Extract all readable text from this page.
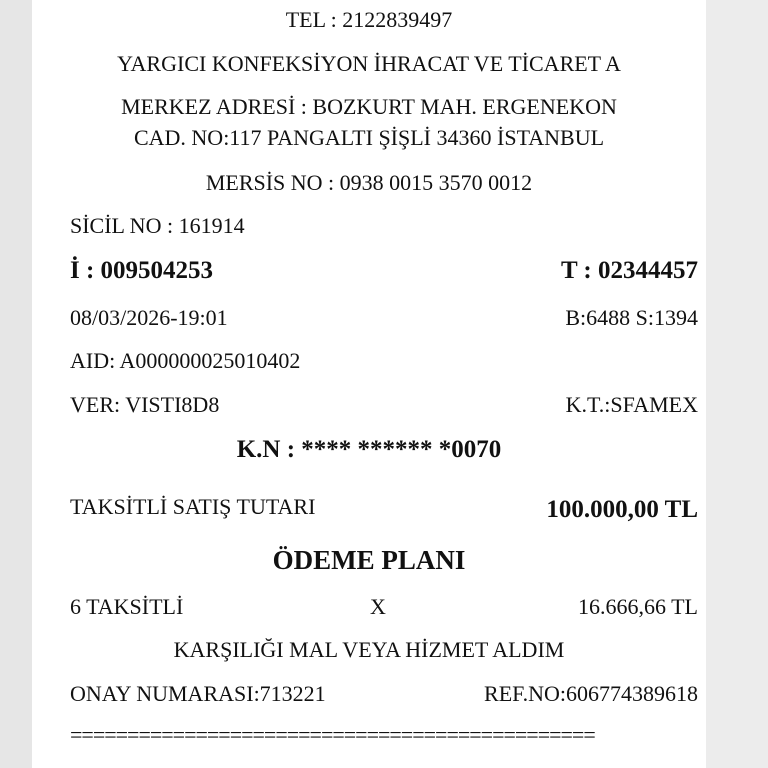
TEL : 2122839497
YARGICI KONFEKSİYON İHRACAT VE TİCARET A
MERKEZ ADRESİ : BOZKURT MAH. ERGENEKON
CAD. NO:117 PANGALTI ŞİŞLİ 34360 İSTANBUL
MERSİS NO : 0938 0015 3570 0012
SİCİL NO : 161914
İ : 009504253	T : 02344457
08/03/2026-19:01	B:6488 S:1394
AID: A000000025010402
VER: VISTI8D8	K.T.:SFAMEX
K.N : **** ****** *0070
TAKSİTLİ SATIŞ TUTARI	100.000,00 TL
ÖDEME PLANI
6 TAKSİTLİ	X	16.666,66 TL
KARŞILIĞI MAL VEYA HİZMET ALDIM
ONAY NUMARASI:713221	REF.NO:606774389618
==============================================
